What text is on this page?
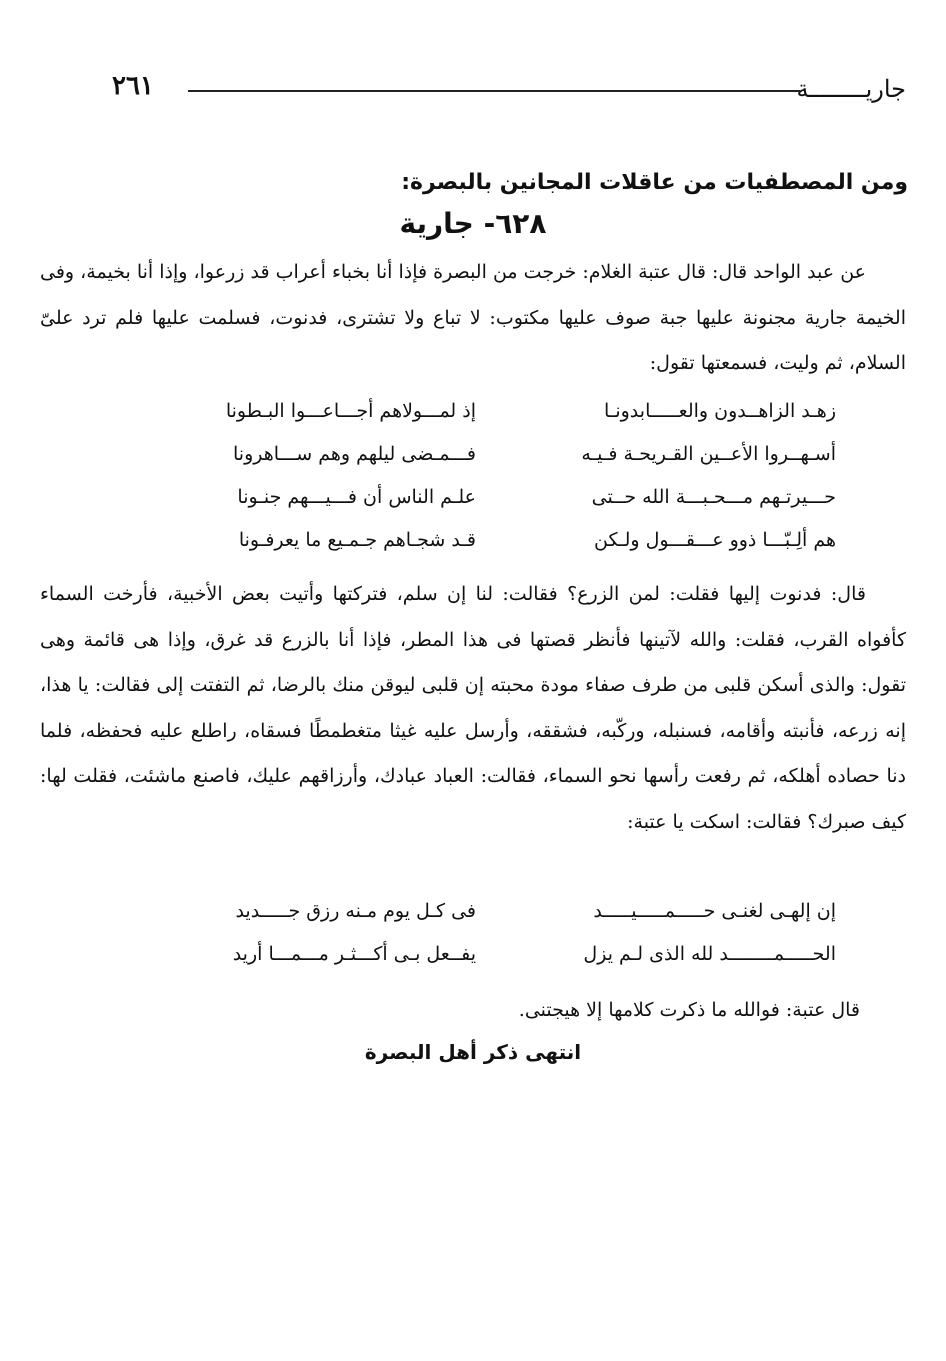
جاريــــــــة
٢٦١
ومن المصطفيات من عاقلات المجانين بالبصرة:
٦٢٨- جارية

عن عبد الواحد قال: قال عتبة الغلام: خرجت من البصرة فإذا أنا بخباء أعراب قد زرعوا، وإذا أنا بخيمة، وفى الخيمة جارية مجنونة عليها جبة صوف عليها مكتوب: لا تباع ولا تشترى، فدنوت، فسلمت عليها فلم ترد علىّ السلام، ثم وليت، فسمعتها تقول:

زهـد الزاهــدون والعـــــابدونـا
إذ لمـــولاهم أجـــاعـــوا البـطونا
أسـهــروا الأعــين القـريحـة فـيـه
فـــمـضى ليلهم وهم ســـاهرونا
حـــيرتـهم مـــحـبـــة الله حــتى
علـم الناس أن فـــيـــهم جنـونا
هم ألِـبّـــا ذوو عـــقـــول ولـكن
قـد شجـاهم جـمـيع ما يعرفـونا

قال: فدنوت إليها فقلت: لمن الزرع؟ فقالت: لنا إن سلم، فتركتها وأتيت بعض الأخبية، فأرخت السماء كأفواه القرب، فقلت: والله لآتينها فأنظر قصتها فى هذا المطر، فإذا أنا بالزرع قد غرق، وإذا هى قائمة وهى تقول: والذى أسكن قلبى من طرف صفاء مودة محبته إن قلبى ليوقن منك بالرضا، ثم التفتت إلى فقالت: يا هذا، إنه زرعه، فأنبته وأقامه، فسنبله، وركّبه، فشققه، وأرسل عليه غيثا متغطمطًا فسقاه، راطلع عليه فحفظه، فلما دنا حصاده أهلكه، ثم رفعت رأسها نحو السماء، فقالت: العباد عبادك، وأرزاقهم عليك، فاصنع ماشئت، فقلت لها: كيف صبرك؟ فقالت: اسكت يا عتبة:

إن إلهـى لغنـى حـــــمـــــيـــــد
فى كـل يوم مـنه رزق جـــــديد
الحـــــمــــــــد لله الذى لـم يزل
يفــعل بـى أكـــثـر مـــمـــا أريد

قال عتبة: فوالله ما ذكرت كلامها إلا هيجتنى.

انتهى ذكر أهل البصرة
